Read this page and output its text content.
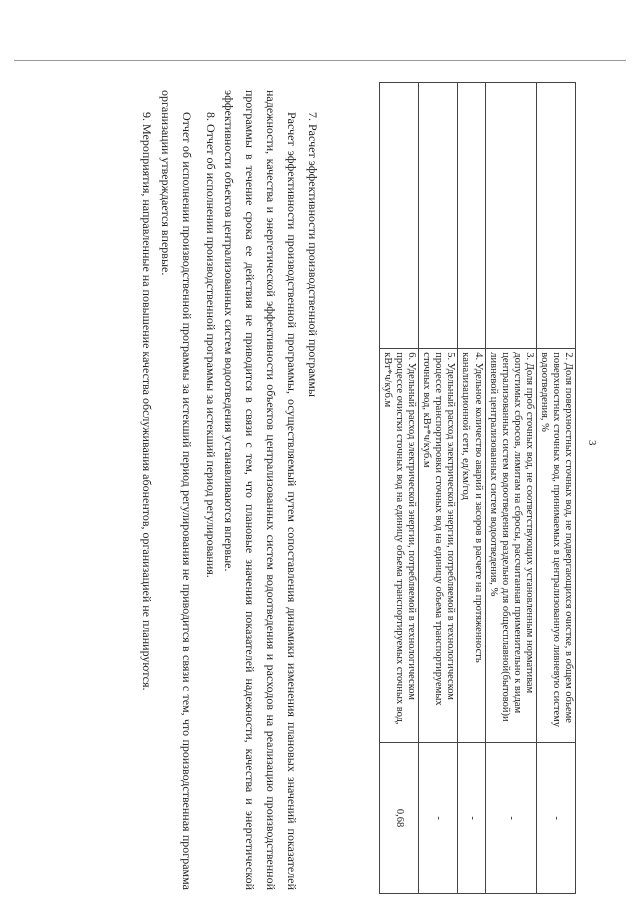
3
	2. Доля поверхностных сточных вод, не подвергающихся очистке, в общем объеме поверхностных сточных вод, принимаемых в централизованную ливневую систему водоотведения, %	-
	3. Доля проб сточных вод, не соответствующих установленным нормативам допустимых сбросов, лимитам на сбросы, рассчитанная применительно к видам централизованных систем водоотведения раздельно для общесплавной(бытовой)и ливневой централизованных систем водоотведения, %	-
	4. Удельное количество аварий и засоров в расчете на протяженность канализационной сети, ед/км/год	-
	5. Удельный расход электрической энергии, потребляемой в технологическом процессе транспортировки сточных вод на единицу объема транспортируемых сточных вод, кВт*ч/куб.м	-
	6. Удельный расход электрической энергии, потребляемой в технологическом процессе очистки сточных вод на единицу объема транспортируемых сточных вод, кВт*ч/куб.м	0,68
7. Расчет эффективности производственной программы
Расчет эффективности производственной программы, осуществляемый путем сопоставления динамики изменения плановых значений показателей надежности, качества и энергетической эффективности объектов централизованных систем водоотведения и расходов на реализацию производственной программы в течение срока ее действия не приводится в связи с тем, что плановые значения показателей надежности, качества и энергетической эффективности объектов централизованных систем водоотведения устанавливаются впервые.
8. Отчет об исполнении производственной программы за истекший период регулирования.
Отчет об исполнении производственной программы за истекший период регулирования не приводится в связи с тем, что производственная программа организации утверждается впервые.
9. Мероприятия, направленные на повышение качества обслуживания абонентов, организацией не планируются.
